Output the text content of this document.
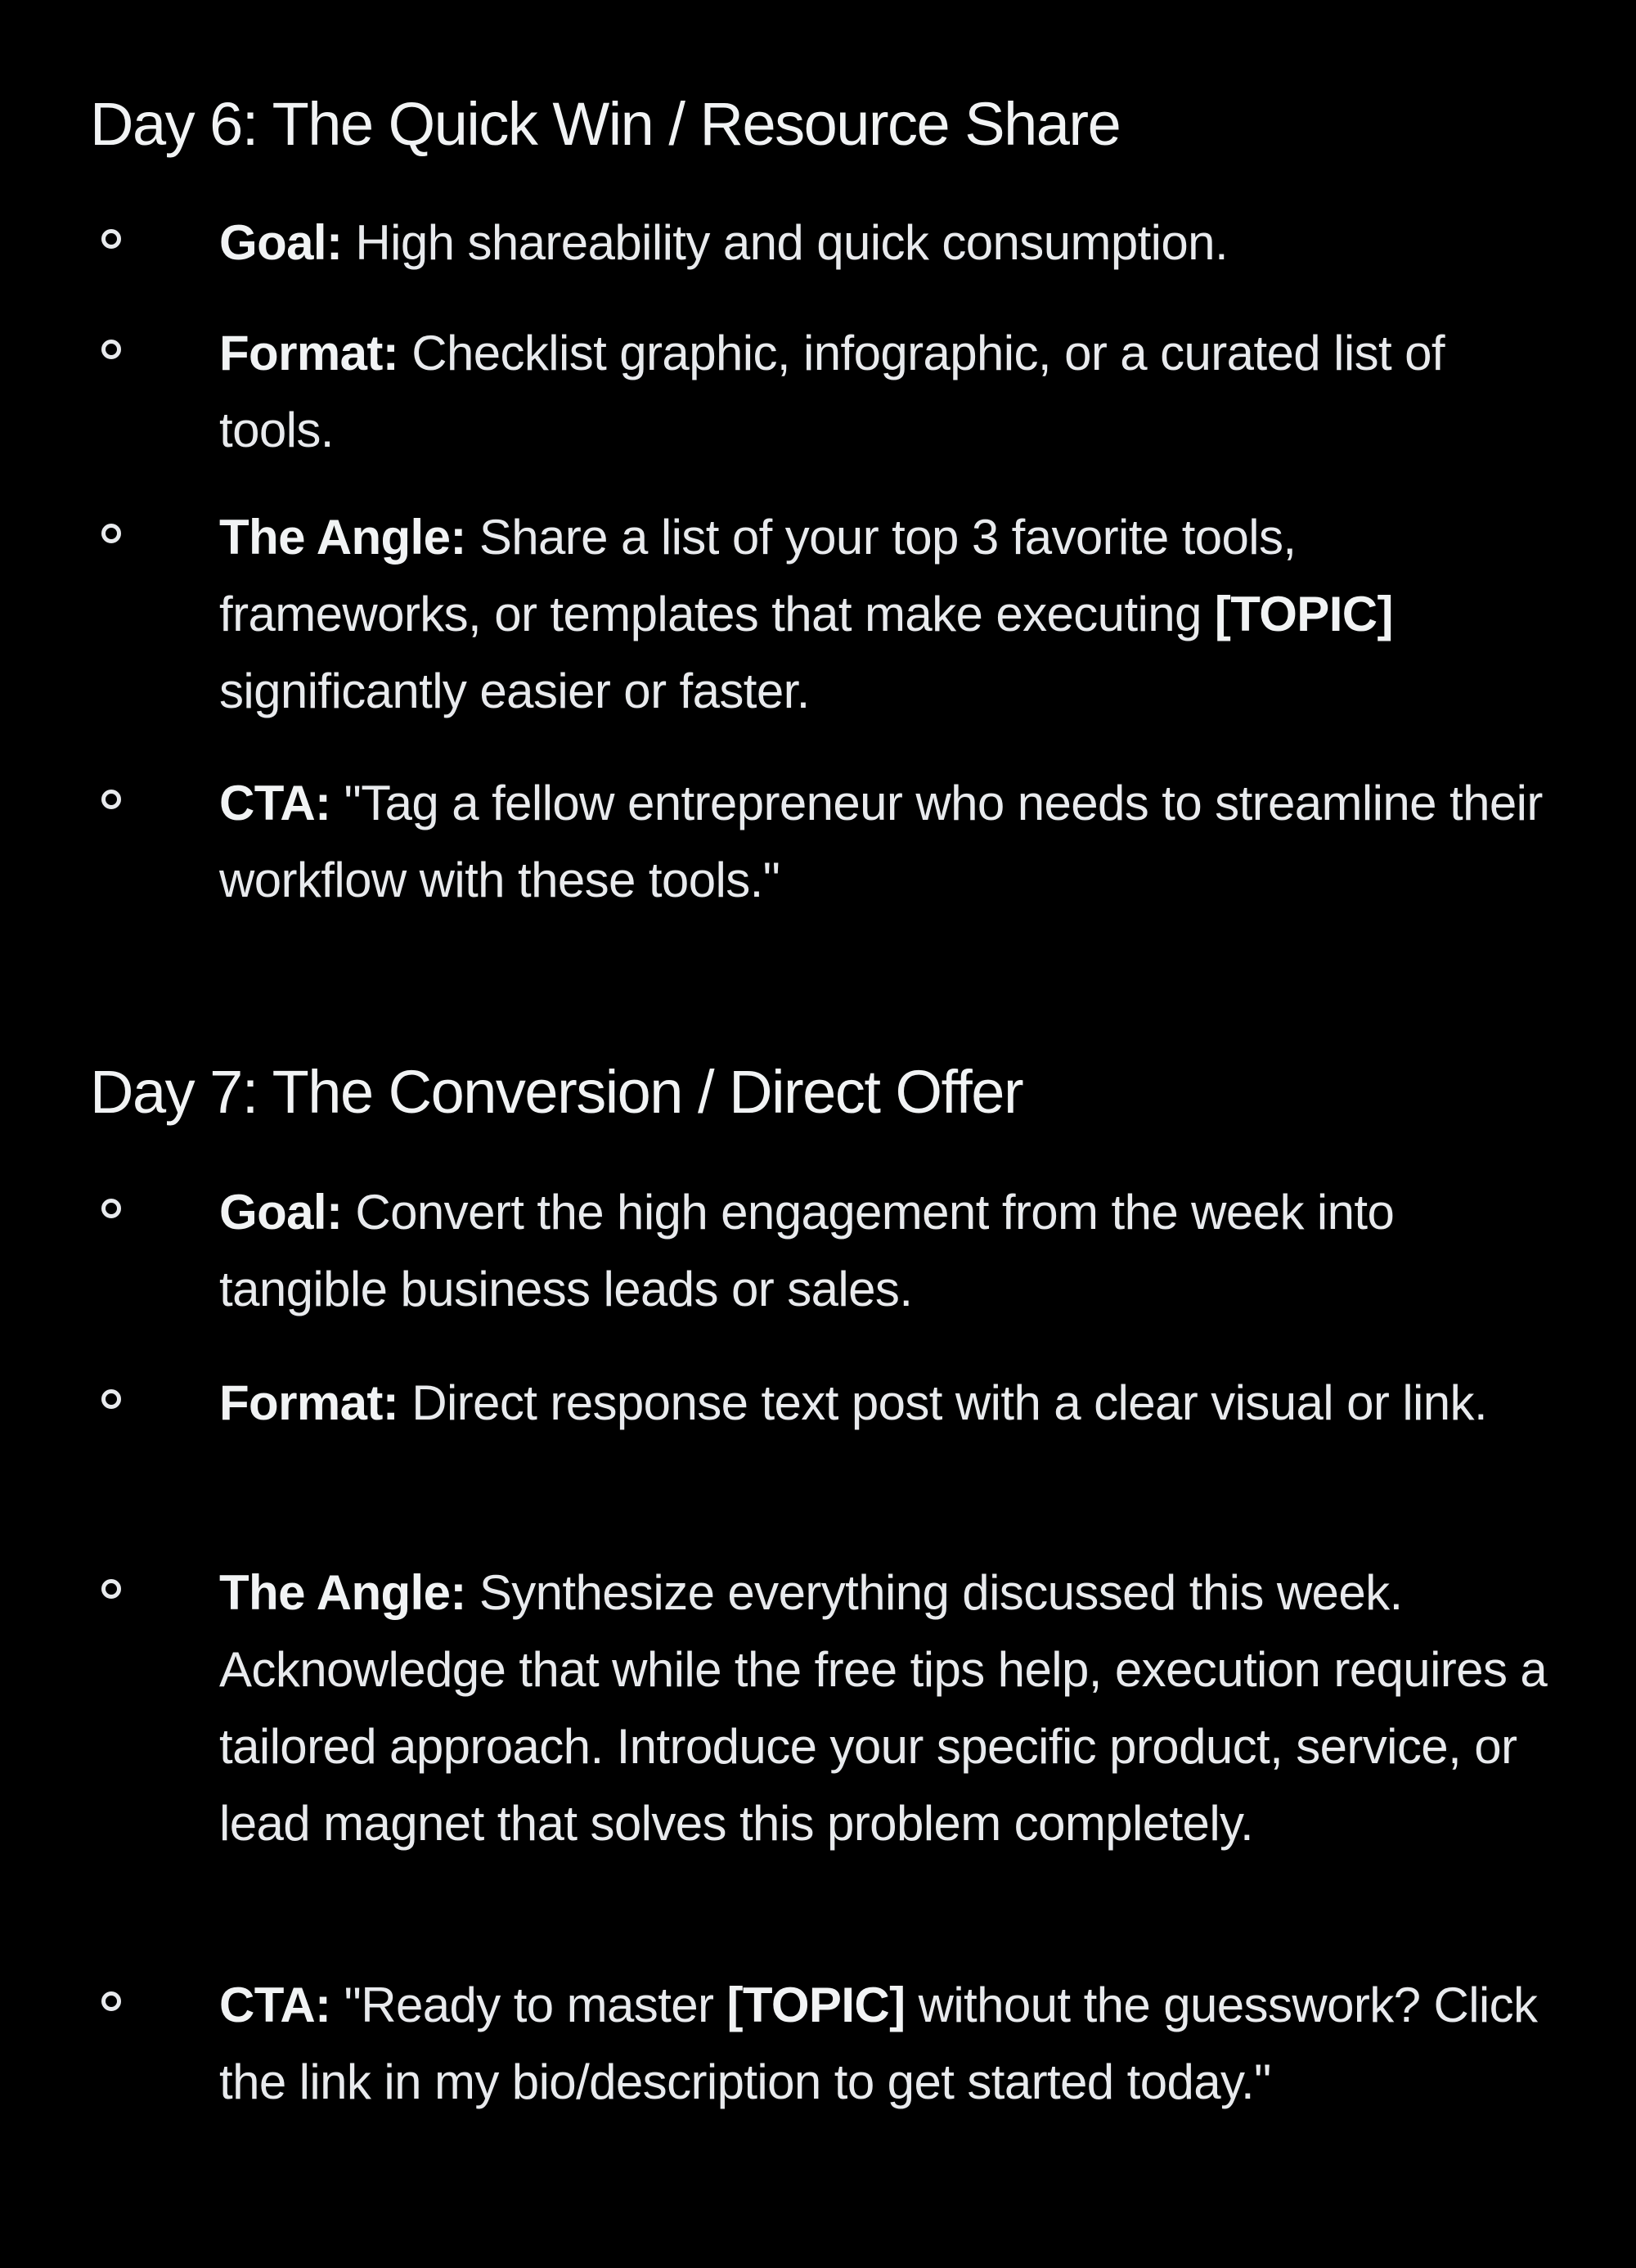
Day 6: The Quick Win / Resource Share

Goal: High shareability and quick consumption.

Format: Checklist graphic, infographic, or a curated list of tools.

The Angle: Share a list of your top 3 favorite tools, frameworks, or templates that make executing [TOPIC] significantly easier or faster.

CTA: "Tag a fellow entrepreneur who needs to streamline their workflow with these tools."

Day 7: The Conversion / Direct Offer

Goal: Convert the high engagement from the week into tangible business leads or sales.

Format: Direct response text post with a clear visual or link.

The Angle: Synthesize everything discussed this week. Acknowledge that while the free tips help, execution requires a tailored approach. Introduce your specific product, service, or lead magnet that solves this problem completely.

CTA: "Ready to master [TOPIC] without the guesswork? Click the link in my bio/description to get started today."
